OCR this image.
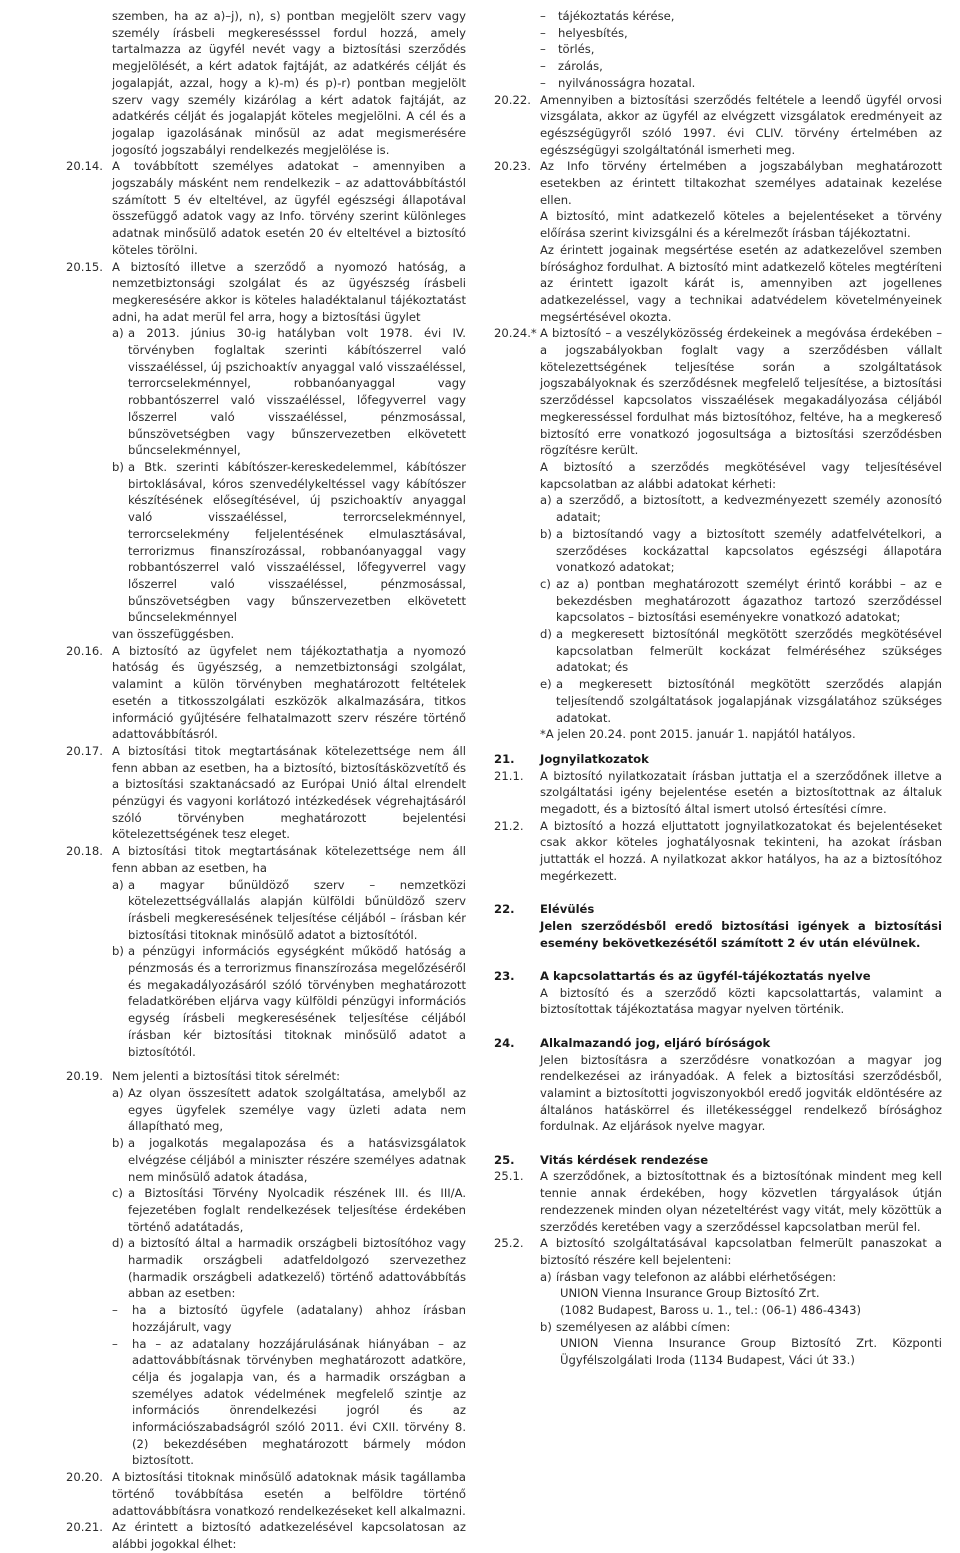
szemben, ha az a)–j), n), s) pontban megjelölt szerv vagy személy írásbeli megkeresésssel fordul hozzá, amely tartalmazza az ügyfél nevét vagy a biztosítási szerződés megjelölését, a kért adatok fajtáját, az adatkérés célját és jogalapját, azzal, hogy a k)-m) és p)-r) pontban megjelölt szerv vagy személy kizárólag a kért adatok fajtáját, az adatkérés célját és jogalapját köteles megjelölni. A cél és a jogalap igazolásának minősül az adat megismerésére jogosító jogszabályi rendelkezés megjelölése is.

20.14. A továbbított személyes adatokat – amennyiben a jogszabály másként nem rendelkezik – az adattovábbítástól számított 5 év elteltével, az ügyfél egészségi állapotával összefüggő adatok vagy az Info. törvény szerint különleges adatnak minősülő adatok esetén 20 év elteltével a biztosító köteles törölni.

20.15. A biztosító illetve a szerződő a nyomozó hatóság, a nemzetbiztonsági szolgálat és az ügyészség írásbeli megkeresésére akkor is köteles haladéktalanul tájékoztatást adni, ha adat merül fel arra, hogy a biztosítási ügylet

a) a 2013. június 30-ig hatályban volt 1978. évi IV. törvényben foglaltak szerinti kábítószerrel való visszaéléssel, új pszichoaktív anyaggal való visszaéléssel, terrorcselekménnyel, robbanóanyaggal vagy robbantószerrel való visszaéléssel, lőfegyverrel vagy lőszerrel való visszaéléssel, pénzmosással, bűnszövetségben vagy bűnszervezetben elkövetett bűncselekménnyel,

b) a Btk. szerinti kábítószer-kereskedelemmel, kábítószer birtoklásával, kóros szenvedélykeltéssel vagy kábítószer készítésének elősegítésével, új pszichoaktív anyaggal való visszaéléssel, terrorcselekménnyel, terrorcselekmény feljelentésének elmulasztásával, terrorizmus finanszírozással, robbanóanyaggal vagy robbantószerrel való visszaéléssel, lőfegyverrel vagy lőszerrel való visszaéléssel, pénzmosással, bűnszövetségben vagy bűnszervezetben elkövetett bűncselekménnyel

van összefüggésben.

20.16. A biztosító az ügyfelet nem tájékoztathatja a nyomozó hatóság és ügyészség, a nemzetbiztonsági szolgálat, valamint a külön törvényben meghatározott feltételek esetén a titkosszolgálati eszközök alkalmazására, titkos információ gyűjtésére felhatalmazott szerv részére történő adattovábbításról.

20.17. A biztosítási titok megtartásának kötelezettsége nem áll fenn abban az esetben, ha a biztosító, biztosításközvetítő és a biztosítási szaktanácsadó az Európai Unió által elrendelt pénzügyi és vagyoni korlátozó intézkedések végrehajtásáról szóló törvényben meghatározott bejelentési kötelezettségének tesz eleget.

20.18. A biztosítási titok megtartásának kötelezettsége nem áll fenn abban az esetben, ha

a) a magyar bűnüldöző szerv – nemzetközi kötelezettségvállalás alapján külföldi bűnüldöző szerv írásbeli megkeresésének teljesítése céljából – írásban kér biztosítási titoknak minősülő adatot a biztosítótól.

b) a pénzügyi információs egységként működő hatóság a pénzmosás és a terrorizmus finanszírozása megelőzéséről és megakadályozásáról szóló törvényben meghatározott feladatkörében eljárva vagy külföldi pénzügyi információs egység írásbeli megkeresésének teljesítése céljából írásban kér biztosítási titoknak minősülő adatot a biztosítótól.

20.19. Nem jelenti a biztosítási titok sérelmét:

a) Az olyan összesített adatok szolgáltatása, amelyből az egyes ügyfelek személye vagy üzleti adata nem állapítható meg,

b) a jogalkotás megalapozása és a hatásvizsgálatok elvégzése céljából a miniszter részére személyes adatnak nem minősülő adatok átadása,

c) a Biztosítási Törvény Nyolcadik részének III. és III/A. fejezetében foglalt rendelkezések teljesítése érdekében történő adatátadás,

d) a biztosító által a harmadik országbeli biztosítóhoz vagy harmadik országbeli adatfeldolgozó szervezethez (harmadik országbeli adatkezelő) történő adattovábbítás abban az esetben:

–	ha a biztosító ügyfele (adatalany) ahhoz írásban hozzájárult, vagy

–	ha – az adatalany hozzájárulásának hiányában – az adattovábbításnak törvényben meghatározott adatköre, célja és jogalapja van, és a harmadik országban a személyes adatok védelmének megfelelő szintje az információs önrendelkezési jogról és az információszabadságról szóló 2011. évi CXII. törvény 8. (2) bekezdésében meghatározott bármely módon biztosított.

20.20. A biztosítási titoknak minősülő adatoknak másik tagállamba történő továbbítása esetén a belföldre történő adattovábbításra vonatkozó rendelkezéseket kell alkalmazni.

20.21. Az érintett a biztosító adatkezelésével kapcsolatosan az alábbi jogokkal élhet:

–	tájékoztatás kérése,

–	helyesbítés,

–	törlés,

–	zárolás,

–	nyilvánosságra hozatal.

20.22. Amennyiben a biztosítási szerződés feltétele a leendő ügyfél orvosi vizsgálata, akkor az ügyfél az elvégzett vizsgálatok eredményeit az egészségügyről szóló 1997. évi CLIV. törvény értelmében az egészségügyi szolgáltatónál ismerheti meg.

20.23. Az Info törvény értelmében a jogszabályban meghatározott esetekben az érintett tiltakozhat személyes adatainak kezelése ellen.

A biztosító, mint adatkezelő köteles a bejelentéseket a törvény előírása szerint kivizsgálni és a kérelmezőt írásban tájékoztatni.

Az érintett jogainak megsértése esetén az adatkezelővel szemben bírósághoz fordulhat. A biztosító mint adatkezelő köteles megtéríteni az érintett igazolt kárát is, amennyiben azt jogellenes adatkezeléssel, vagy a technikai adatvédelem követelményeinek megsértésével okozta.

20.24.* A biztosító – a veszélyközösség érdekeinek a megóvása érdekében – a jogszabályokban foglalt vagy a szerződésben vállalt kötelezettségének teljesítése során a szolgáltatások jogszabályoknak és szerződésnek megfelelő teljesítése, a biztosítási szerződéssel kapcsolatos visszaélések megakadályozása céljából megkeresséssel fordulhat más biztosítóhoz, feltéve, ha a megkereső biztosító erre vonatkozó jogosultsága a biztosítási szerződésben rögzítésre került.

A biztosító a szerződés megkötésével vagy teljesítésével kapcsolatban az alábbi adatokat kérheti:

a) a szerződő, a biztosított, a kedvezményezett személy azonosító adatait;

b) a biztosítandó vagy a biztosított személy adatfelvételkori, a szerződéses kockázattal kapcsolatos egészségi állapotára vonatkozó adatokat;

c) az a) pontban meghatározott személyt érintő korábbi – az e bekezdésben meghatározott ágazathoz tartozó szerződéssel kapcsolatos – biztosítási eseményekre vonatkozó adatokat;

d) a megkeresett biztosítónál megkötött szerződés megkötésével kapcsolatban felmerült kockázat felméréséhez szükséges adatokat; és

e) a megkeresett biztosítónál megkötött szerződés alapján teljesítendő szolgáltatások jogalapjának vizsgálatához szükséges adatokat.

*A jelen 20.24. pont 2015. január 1. napjától hatályos.

21.	Jognyilatkozatok
21.1.	A biztosító nyilatkozatait írásban juttatja el a szerződőnek illetve a szolgáltatási igény bejelentése esetén a biztosítottnak az általuk megadott, és a biztosító által ismert utolsó értesítési címre.

21.2.	A biztosító a hozzá eljuttatott jognyilatkozatokat és bejelentéseket csak akkor köteles joghatályosnak tekinteni, ha azokat írásban juttatták el hozzá. A nyilatkozat akkor hatályos, ha az a biztosítóhoz megérkezett.

22.	Elévülés

Jelen szerződésből eredő biztosítási igények a biztosítási esemény bekövetkezésétől számított 2 év után elévülnek.

23.	A kapcsolattartás és az ügyfél-tájékoztatás nyelve

A biztosító és a szerződő közti kapcsolattartás, valamint a biztosítottak tájékoztatása magyar nyelven történik.

24.	Alkalmazandó jog, eljáró bíróságok

Jelen biztosításra a szerződésre vonatkozóan a magyar jog rendelkezései az irányadóak. A felek a biztosítási szerződésből, valamint a biztosítotti jogviszonyokból eredő jogviták eldöntésére az általános hatáskörrel és illetékességgel rendelkező bírósághoz fordulnak. Az eljárások nyelve magyar.

25.	Vitás kérdések rendezése
25.1.	A szerződőnek, a biztosítottnak és a biztosítónak mindent meg kell tennie annak érdekében, hogy közvetlen tárgyalások útján rendezzenek minden olyan nézeteltérést vagy vitát, mely közöttük a szerződés keretében vagy a szerződéssel kapcsolatban merül fel.

25.2.	A biztosító szolgáltatásával kapcsolatban felmerült panaszokat a biztosító részére kell bejelenteni:

a) írásban vagy telefonon az alábbi elérhetőségen:

UNION Vienna Insurance Group Biztosító Zrt.

(1082 Budapest, Baross u. 1., tel.: (06-1) 486-4343)

b) személyesen az alábbi címen:

UNION Vienna Insurance Group Biztosító Zrt. Központi Ügyfélszolgálati Iroda (1134 Budapest, Váci út 33.)
